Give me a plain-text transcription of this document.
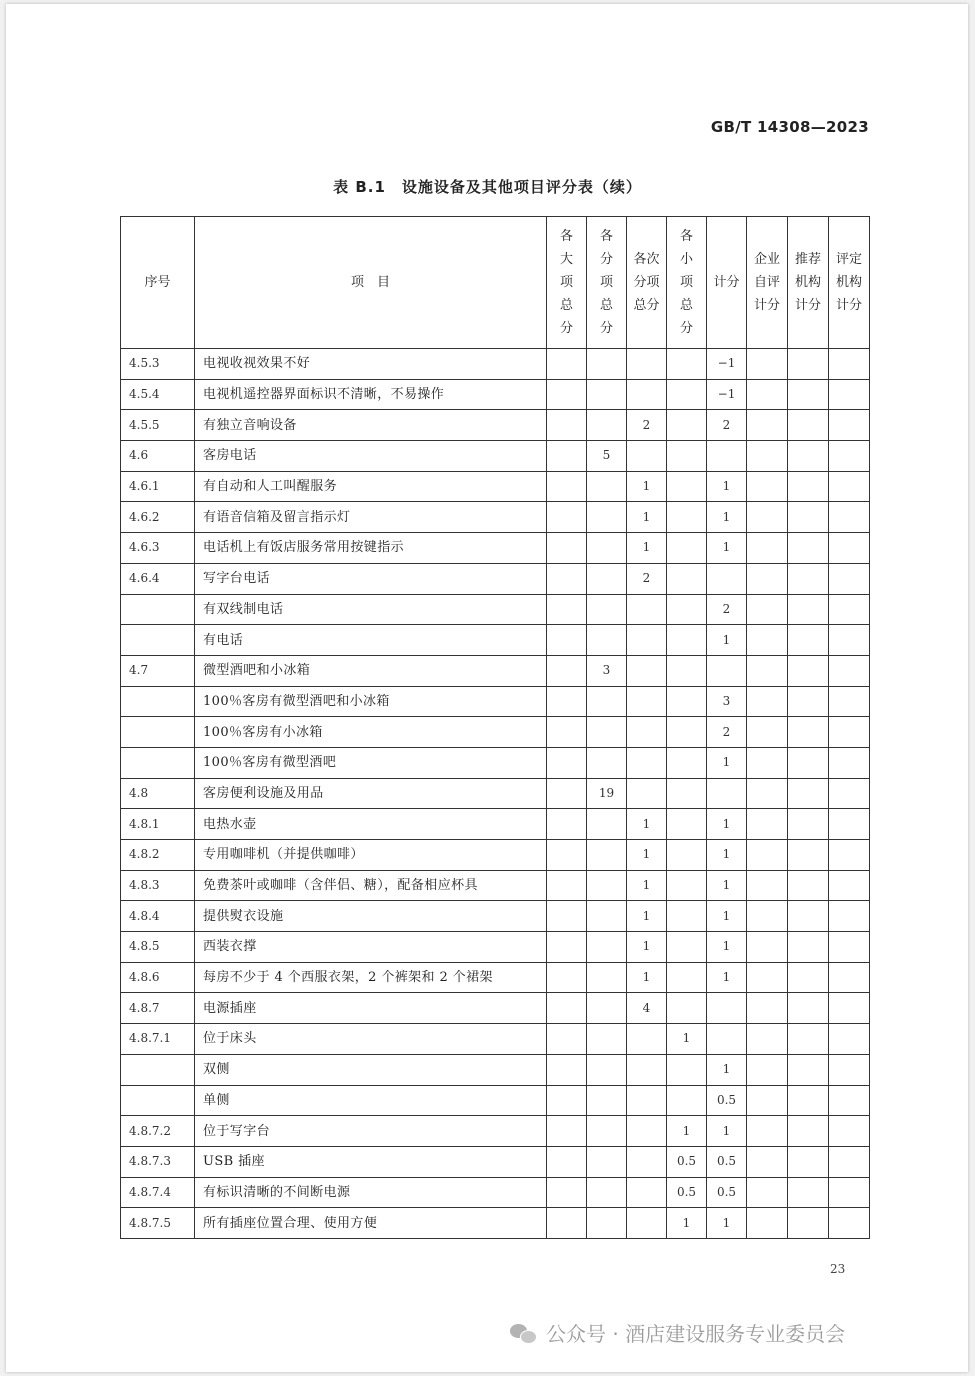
GB/T 14308—2023
表 B.1　设施设备及其他项目评分表（续）
序号	项　目	各大项总分	各分项总分	各次分项总分	各小项总分	计分	企业自评计分	推荐机构计分	评定机构计分

4.5.3	电视收视效果不好					−1			
4.5.4	电视机遥控器界面标识不清晰，不易操作					−1			
4.5.5	有独立音响设备			2		2			
4.6	客房电话		5						
4.6.1	有自动和人工叫醒服务			1		1			
4.6.2	有语音信箱及留言指示灯			1		1			
4.6.3	电话机上有饭店服务常用按键指示			1		1			
4.6.4	写字台电话			2					
	有双线制电话					2			
	有电话					1			
4.7	微型酒吧和小冰箱		3						
	100％客房有微型酒吧和小冰箱					3			
	100％客房有小冰箱					2			
	100％客房有微型酒吧					1			
4.8	客房便利设施及用品		19						
4.8.1	电热水壶			1		1			
4.8.2	专用咖啡机（并提供咖啡）			1		1			
4.8.3	免费茶叶或咖啡（含伴侣、糖），配备相应杯具			1		1			
4.8.4	提供熨衣设施			1		1			
4.8.5	西装衣撑			1		1			
4.8.6	每房不少于 4 个西服衣架，2 个裤架和 2 个裙架			1		1			
4.8.7	电源插座			4					
4.8.7.1	位于床头				1				
	双侧					1			
	单侧					0.5			
4.8.7.2	位于写字台				1	1			
4.8.7.3	USB 插座				0.5	0.5			
4.8.7.4	有标识清晰的不间断电源				0.5	0.5			
4.8.7.5	所有插座位置合理、使用方便				1	1			
23
公众号 · 酒店建设服务专业委员会
